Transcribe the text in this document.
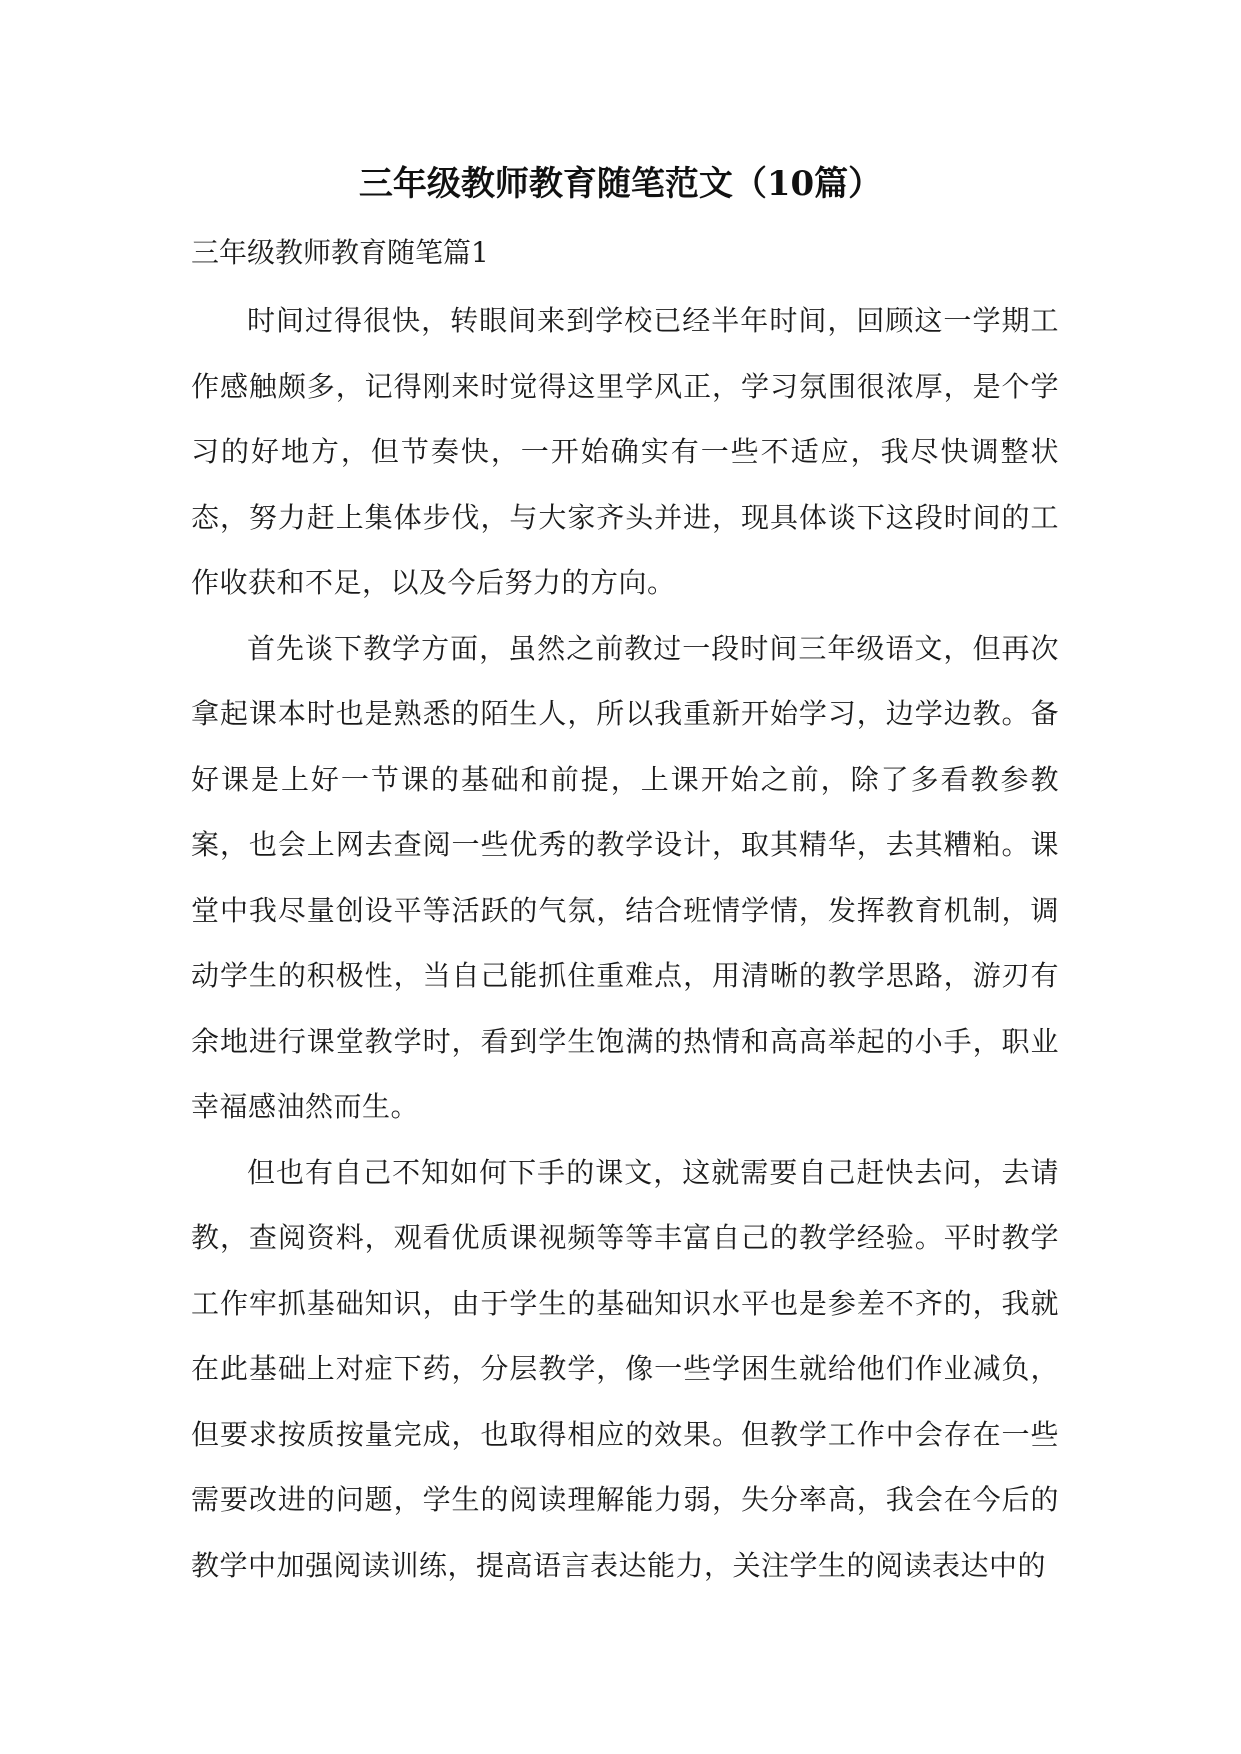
三年级教师教育随笔范文（10篇）
三年级教师教育随笔篇1

时间过得很快，转眼间来到学校已经半年时间，回顾这一学期工作感触颇多，记得刚来时觉得这里学风正，学习氛围很浓厚，是个学习的好地方，但节奏快，一开始确实有一些不适应，我尽快调整状态，努力赶上集体步伐，与大家齐头并进，现具体谈下这段时间的工作收获和不足，以及今后努力的方向。

首先谈下教学方面，虽然之前教过一段时间三年级语文，但再次拿起课本时也是熟悉的陌生人，所以我重新开始学习，边学边教。备好课是上好一节课的基础和前提，上课开始之前，除了多看教参教案，也会上网去查阅一些优秀的教学设计，取其精华，去其糟粕。课堂中我尽量创设平等活跃的气氛，结合班情学情，发挥教育机制，调动学生的积极性，当自己能抓住重难点，用清晰的教学思路，游刃有余地进行课堂教学时，看到学生饱满的热情和高高举起的小手，职业幸福感油然而生。

但也有自己不知如何下手的课文，这就需要自己赶快去问，去请教，查阅资料，观看优质课视频等等丰富自己的教学经验。平时教学工作牢抓基础知识，由于学生的基础知识水平也是参差不齐的，我就在此基础上对症下药，分层教学，像一些学困生就给他们作业减负，但要求按质按量完成，也取得相应的效果。但教学工作中会存在一些需要改进的问题，学生的阅读理解能力弱，失分率高，我会在今后的教学中加强阅读训练，提高语言表达能力，关注学生的阅读表达中的
